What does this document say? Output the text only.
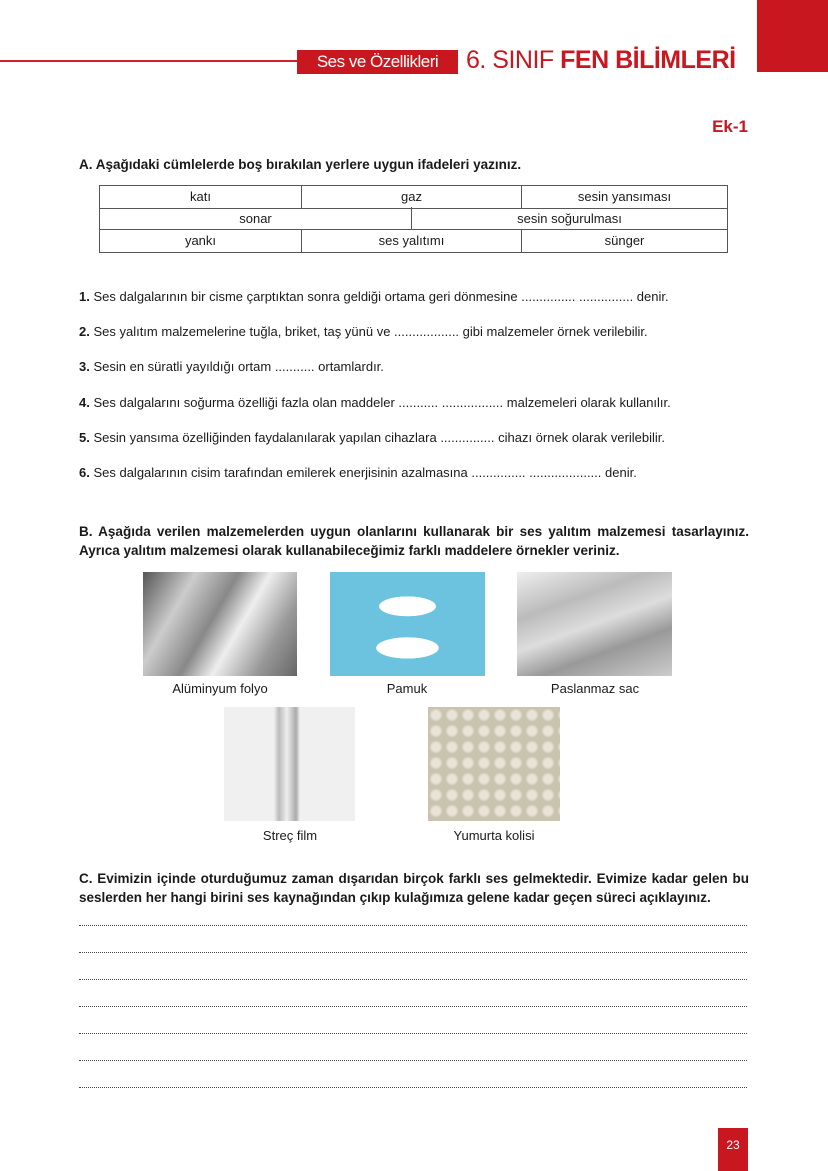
Ses ve Özellikleri	6. SINIF FEN BİLİMLERİ
Ek-1
A. Aşağıdaki cümlelerde boş bırakılan yerlere uygun ifadeleri yazınız.
katı	gaz	sesin yansıması
sonar	sesin soğurulması
yankı	ses yalıtımı	sünger
1. Ses dalgalarının bir cisme çarptıktan sonra geldiği ortama geri dönmesine ............... ............... denir.
2. Ses yalıtım malzemelerine tuğla, briket, taş yünü ve .................. gibi malzemeler örnek verilebilir.
3. Sesin en süratli yayıldığı ortam ........... ortamlardır.
4. Ses dalgalarını soğurma özelliği fazla olan maddeler ........... ................. malzemeleri olarak kullanılır.
5. Sesin yansıma özelliğinden faydalanılarak yapılan cihazlara ............... cihazı örnek olarak verilebilir.
6. Ses dalgalarının cisim tarafından emilerek enerjisinin azalmasına ............... .................... denir.
B. Aşağıda verilen malzemelerden uygun olanlarını kullanarak bir ses yalıtım malzemesi tasarlayınız. Ayrıca yalıtım malzemesi olarak kullanabileceğimiz farklı maddelere örnekler veriniz.
Alüminyum folyo	Pamuk	Paslanmaz sac
Streç film	Yumurta kolisi
C. Evimizin içinde oturduğumuz zaman dışarıdan birçok farklı ses gelmektedir. Evimize kadar gelen bu seslerden her hangi birini ses kaynağından çıkıp kulağımıza gelene kadar geçen süreci açıklayınız.
23
